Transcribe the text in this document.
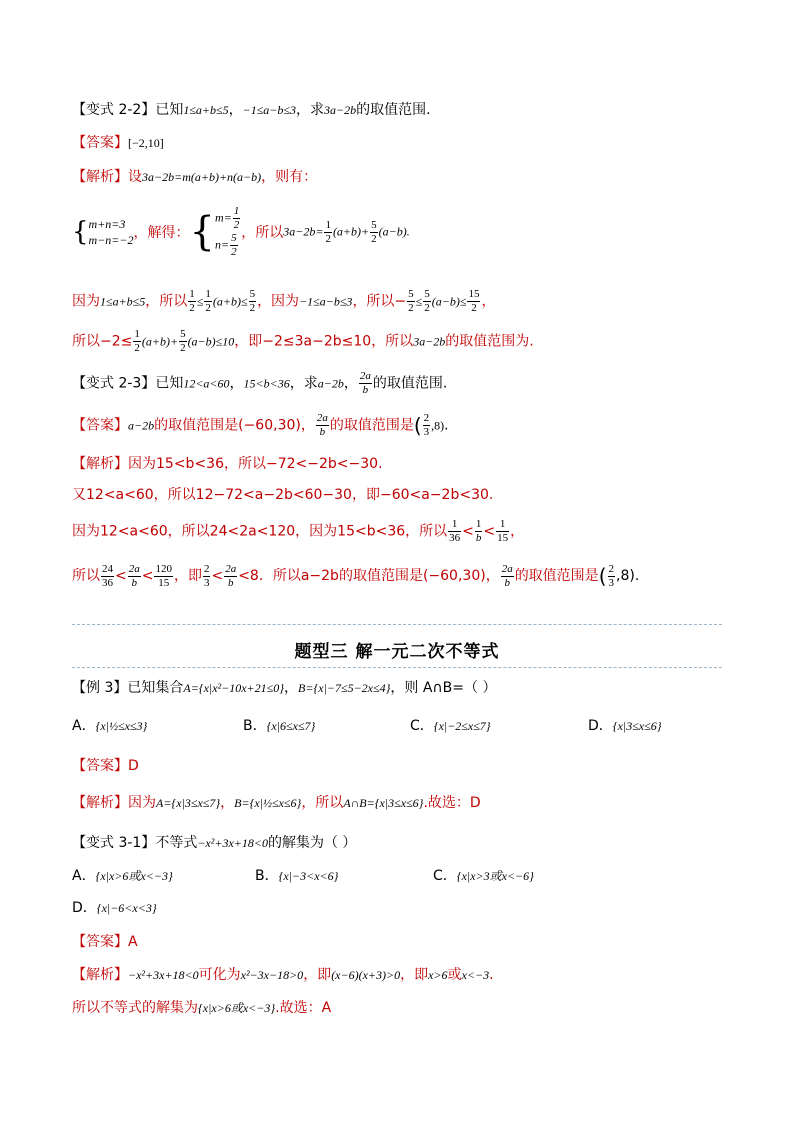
【变式 2-2】已知1≤a+b≤5，−1≤a−b≤3，求3a−2b的取值范围.
【答案】[−2,10]
【解析】设3a−2b=m(a+b)+n(a−b)，则有：
{m+n=3
m−n=−2，解得：{$m= \frac{1}{2}$

$n= \frac{5}{2}$ ，所以$3a-2b= \frac{1}{2} (a+b)+ \frac{5}{2} (a-b)$.
因为1≤a+b≤5，所以 $\frac{1}{2} \le \frac{1}{2} (a+b)\le \frac{5}{2}$ ，因为−1≤a−b≤3，所以− $\frac{5}{2} \le \frac{5}{2} (a-b)\le \frac{15}{2}$ ，
所以$-2\le \frac{1}{2} (a+b)+ \frac{5}{2} (a-b)\le 10$，即−2≤3a−2b≤10，所以3a−2b的取值范围为.
【变式 2-3】已知12<a<60，15<b<36，求a−2b， $\frac{2a}{b}$ 的取值范围.
【答案】a−2b的取值范围是(−60,30)， $\frac{2a}{b}$ 的取值范围是( $\frac{2}{3} ,8$).
【解析】因为15<b<36，所以−72<−2b<−30.
又12<a<60，所以12−72<a−2b<60−30，即−60<a−2b<30.
因为12<a<60，所以24<2a<120，因为15<b<36，所以 $\frac{1}{36} < \frac{1}{b} < \frac{1}{15}$ ，
所以 $\frac{24}{36} < \frac{2a}{b} < \frac{120}{15}$ ，即 $\frac{2}{3} < \frac{2a}{b} <8$．所以a−2b的取值范围是(−60,30)， $\frac{2a}{b}$ 的取值范围是( $\frac{2}{3} ,8$).
题型三 解一元二次不等式
【例 3】已知集合A={x|x²−10x+21≤0}，B={x|−7≤5−2x≤4}，则 A∩B=（ ）
A．{x|½≤x≤3}	B．{x|6≤x≤7}	C．{x|−2≤x≤7}	D．{x|3≤x≤6}
【答案】D
【解析】因为A={x|3≤x≤7}，B={x|½≤x≤6}，所以A∩B={x|3≤x≤6}.故选：D
【变式 3-1】不等式−x²+3x+18<0的解集为（ ）
A．{x|x>6或x<−3}	B．{x|−3<x<6}	C．{x|x>3或x<−6}
D．{x|−6<x<3}
【答案】A
【解析】−x²+3x+18<0可化为x²−3x−18>0，即(x−6)(x+3)>0，即x>6或x<−3.
所以不等式的解集为{x|x>6或x<−3}.故选：A
